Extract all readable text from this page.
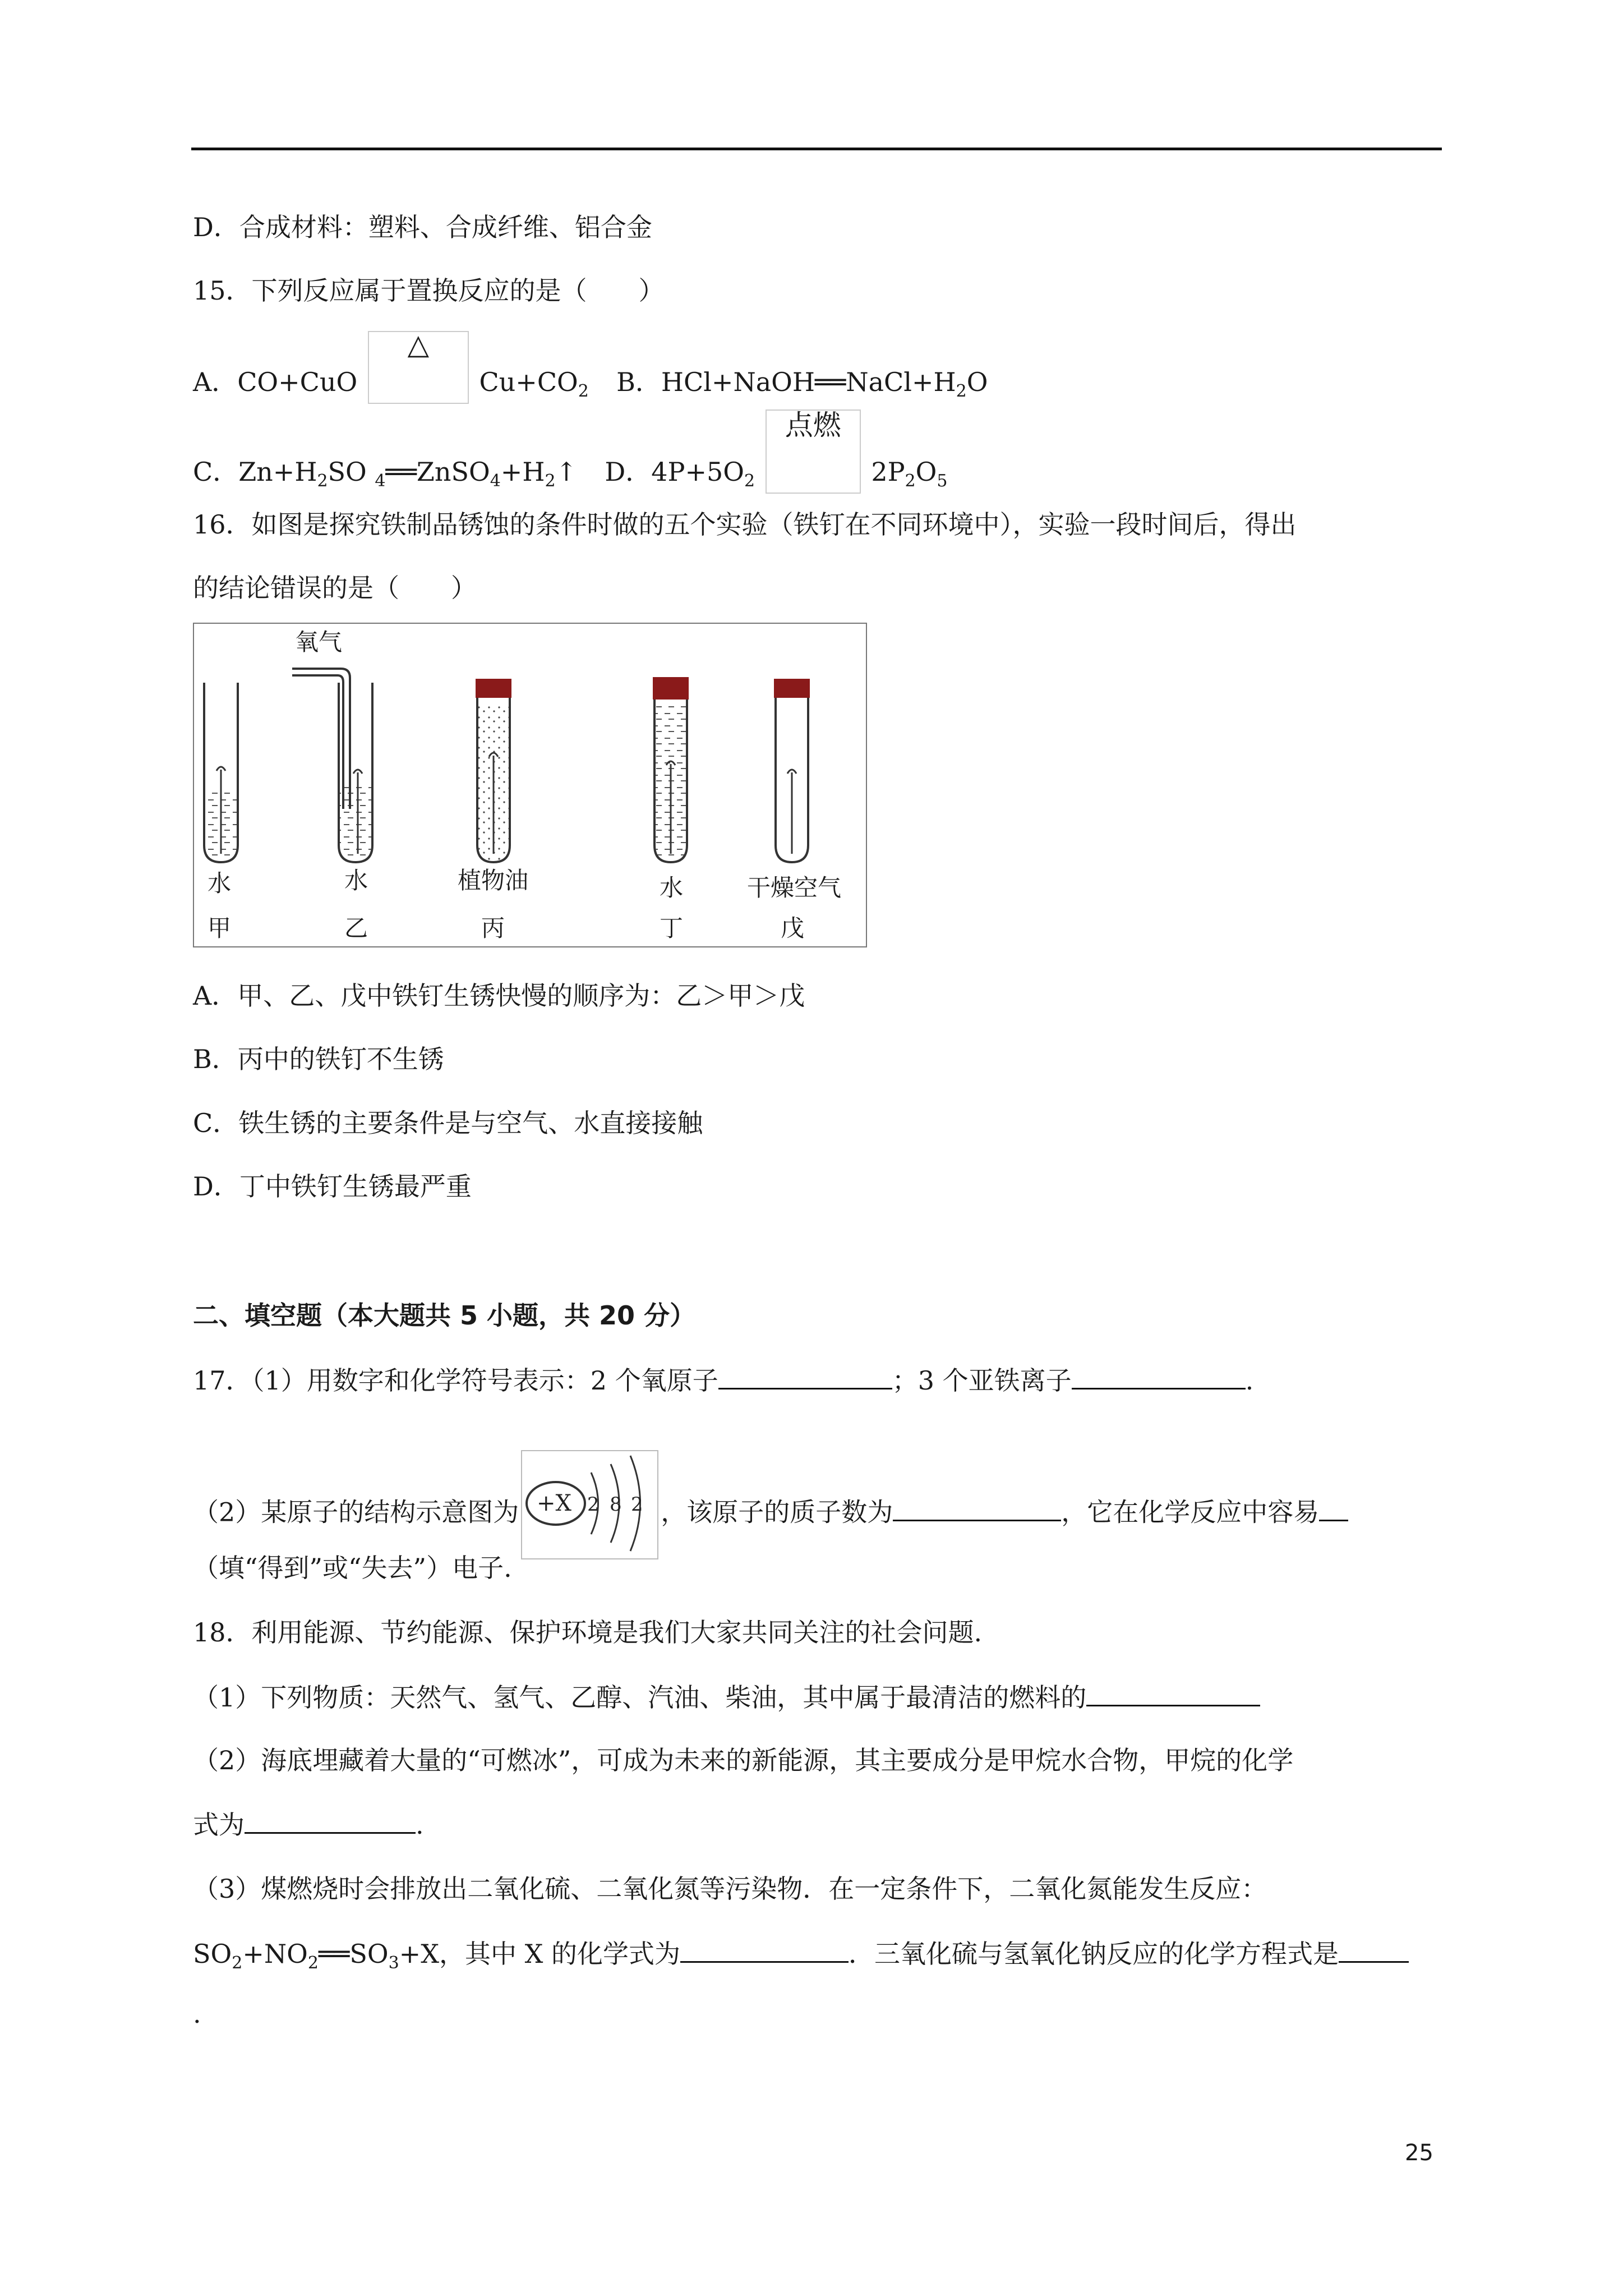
D．合成材料：塑料、合成纤维、铝合金
15．下列反应属于置换反应的是（　　）
A．CO+CuO
△
$Cu+CO_2$ B．$HCl+NaOH══NaCl+H_2O$
C．$Zn+H_2SO$ $_4══ZnSO_4+H_2↑$ D．$4P+5O_2$
点燃
$2P_2O_5$
16．如图是探究铁制品锈蚀的条件时做的五个实验（铁钉在不同环境中），实验一段时间后，得出
的结论错误的是（　　）
氧气
水	水	植物油	水	干燥空气
甲	乙	丙	丁	戊
A．甲、乙、戊中铁钉生锈快慢的顺序为：乙＞甲＞戊
B．丙中的铁钉不生锈
C．铁生锈的主要条件是与空气、水直接接触
D．丁中铁钉生锈最严重
二、填空题（本大题共 5 小题，共 20 分）
17．（1）用数字和化学符号表示：2 个氧原子	；3 个亚铁离子	.
（2）某原子的结构示意图为 +X 2 8 2 ，该原子的质子数为	，它在化学反应中容易
（填“得到”或“失去”）电子.
18．利用能源、节约能源、保护环境是我们大家共同关注的社会问题.
（1）下列物质：天然气、氢气、乙醇、汽油、柴油，其中属于最清洁的燃料的
（2）海底埋藏着大量的“可燃冰”，可成为未来的新能源，其主要成分是甲烷水合物，甲烷的化学
式为	.
（3）煤燃烧时会排放出二氧化硫、二氧化氮等污染物．在一定条件下，二氧化氮能发生反应：
$SO_2+NO_2══SO_3+X$，其中 X 的化学式为	．三氧化硫与氢氧化钠反应的化学方程式是
.
25
